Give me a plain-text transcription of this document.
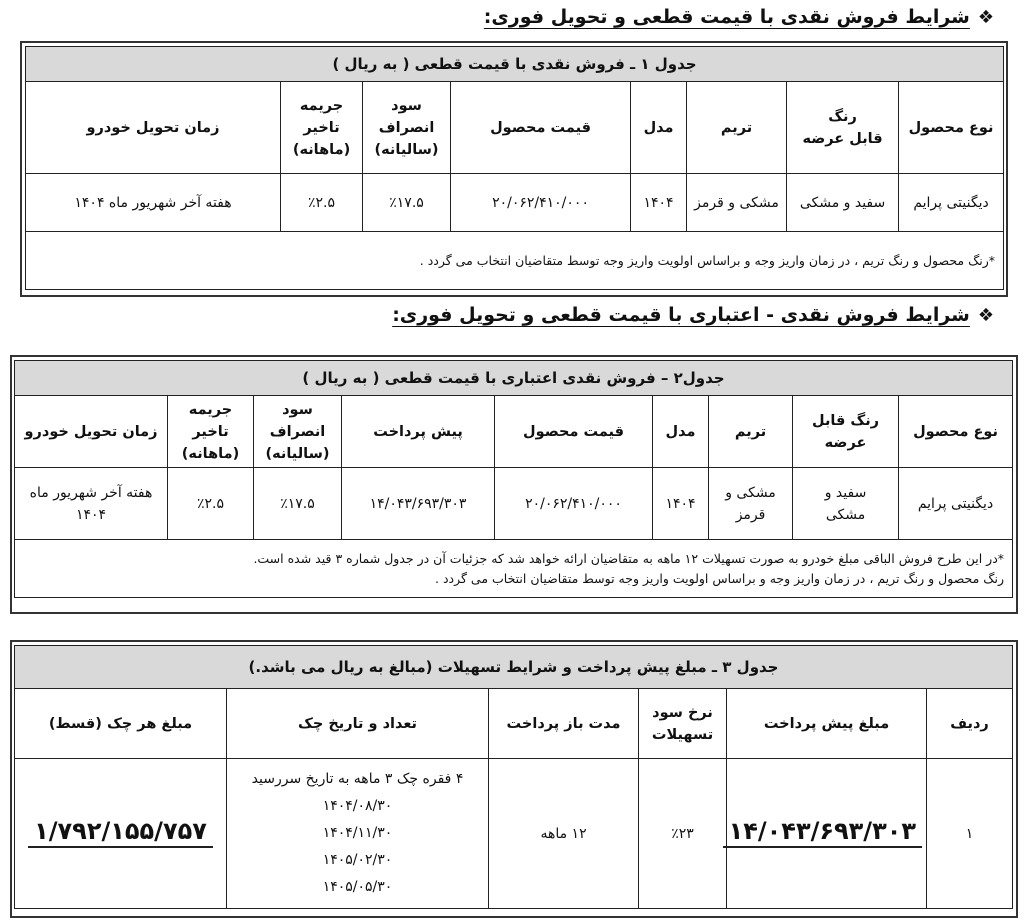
❖
شرایط فروش نقدی با قیمت قطعی و تحویل فوری:
جدول ۱ ـ فروش نقدی با قیمت قطعی ( به ریال )							
نوع محصول	رنگ
قابل عرضه	تریم	مدل	قیمت محصول	سود
انصراف
(سالیانه)	جریمه
تاخیر
(ماهانه)	زمان تحویل خودرو
دیگنیتی پرایم	سفید و مشکی	مشکی و قرمز	۱۴۰۴	۲۰/۰۶۲/۴۱۰/۰۰۰	٪۱۷.۵	٪۲.۵	هفته آخر شهریور ماه ۱۴۰۴
*رنگ محصول و رنگ تریم ، در زمان واریز وجه و براساس اولویت واریز وجه توسط متقاضیان انتخاب می گردد .							
❖
شرایط فروش نقدی - اعتباری با قیمت قطعی و تحویل فوری:
جدول۲ – فروش نقدی اعتباری با قیمت قطعی ( به ریال )								
نوع محصول	رنگ قابل
عرضه	تریم	مدل	قیمت محصول	پیش پرداخت	سود
انصراف
(سالیانه)	جریمه
تاخیر
(ماهانه)	زمان تحویل خودرو
دیگنیتی پرایم	سفید و
مشکی	مشکی و
قرمز	۱۴۰۴	۲۰/۰۶۲/۴۱۰/۰۰۰	۱۴/۰۴۳/۶۹۳/۳۰۳	٪۱۷.۵	٪۲.۵	هفته آخر شهریور ماه
۱۴۰۴

*در این طرح فروش الباقی مبلغ خودرو به صورت تسهیلات ۱۲ ماهه به متقاضیان ارائه خواهد شد که جزئیات آن در جدول شماره ۳ قید شده است.
رنگ محصول و رنگ تریم ، در زمان واریز وجه و براساس اولویت واریز وجه توسط متقاضیان انتخاب می گردد .								
جدول ۳ ـ مبلغ پیش پرداخت و شرایط تسهیلات (مبالغ به ریال می باشد.)					
ردیف	مبلغ پیش پرداخت	نرخ سود
تسهیلات	مدت باز پرداخت	تعداد و تاریخ چک	مبلغ هر چک (قسط)
۱	۱۴/۰۴۳/۶۹۳/۳۰۳	٪۲۳	۱۲ ماهه	۴ فقره چک ۳ ماهه به تاریخ سررسید
۱۴۰۴/۰۸/۳۰
۱۴۰۴/۱۱/۳۰
۱۴۰۵/۰۲/۳۰
۱۴۰۵/۰۵/۳۰	۱/۷۹۲/۱۵۵/۷۵۷
